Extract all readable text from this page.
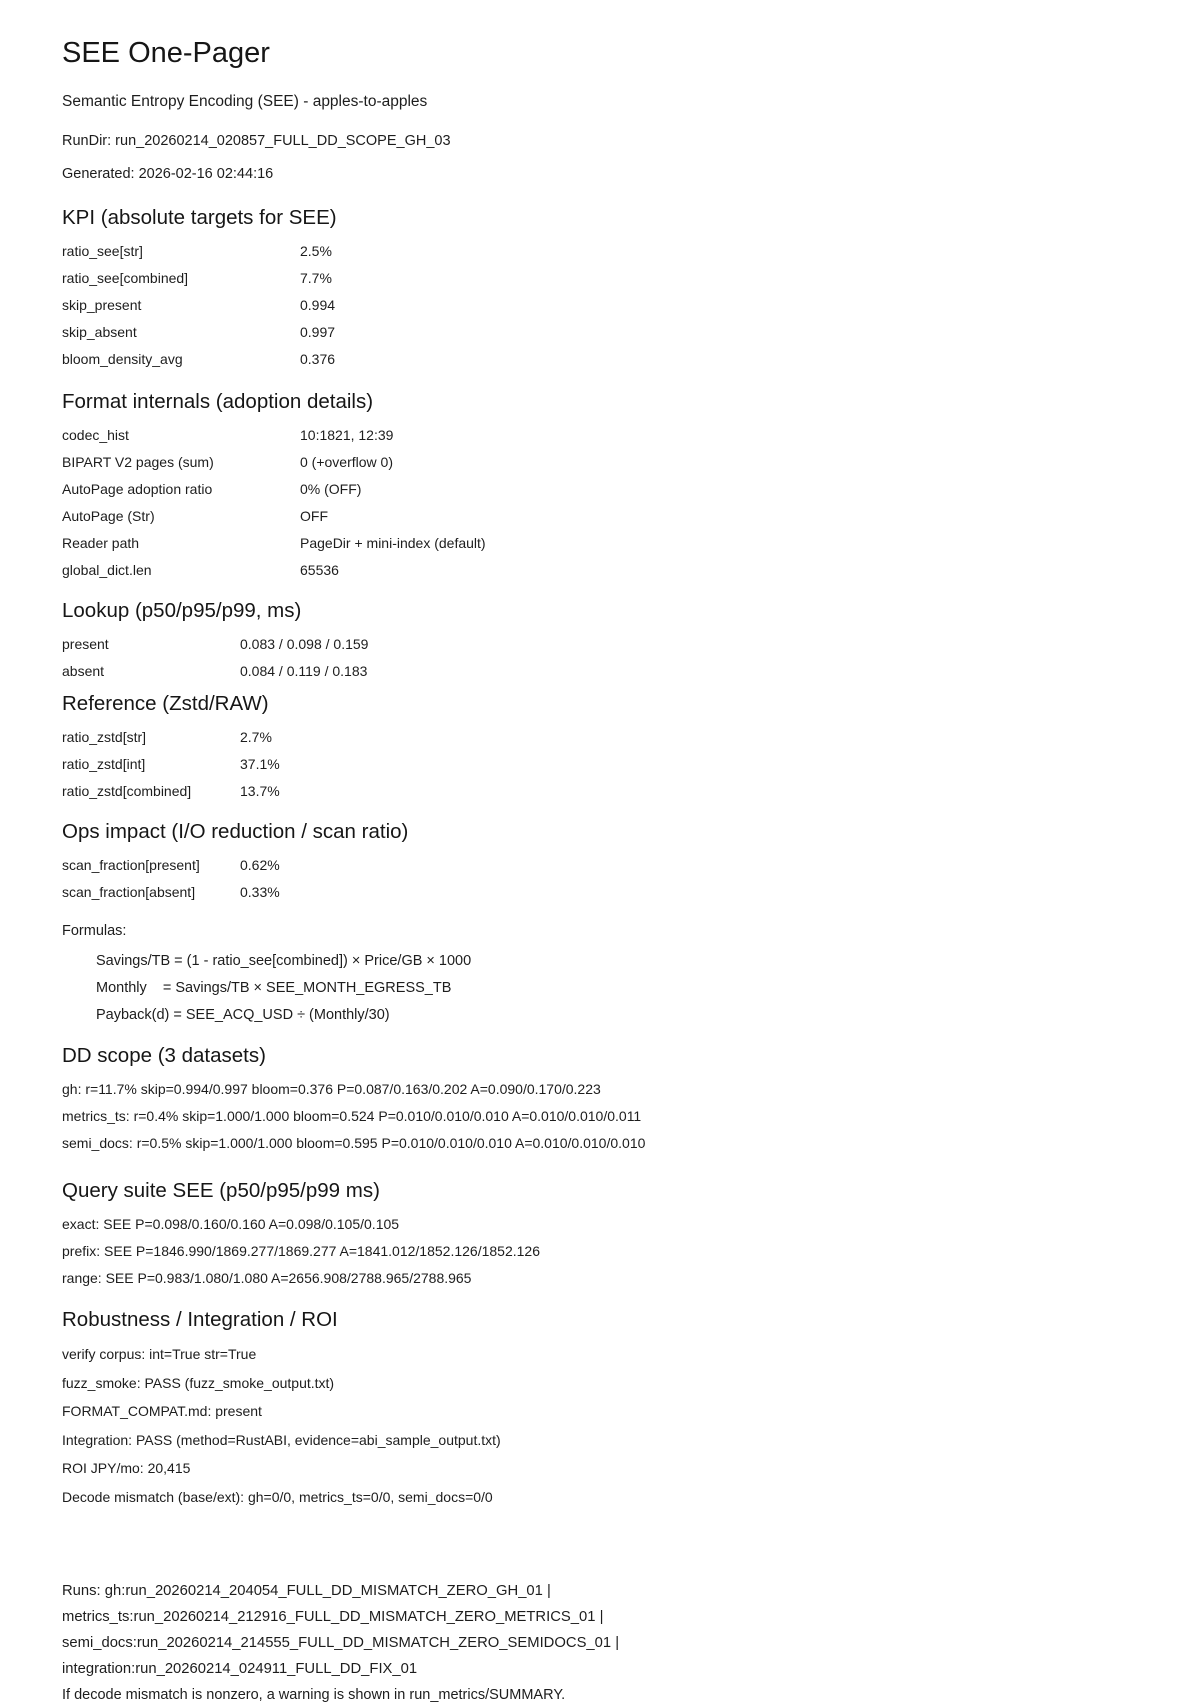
SEE One-Pager
Semantic Entropy Encoding (SEE) - apples-to-apples
RunDir: run_20260214_020857_FULL_DD_SCOPE_GH_03
Generated: 2026-02-16 02:44:16
KPI (absolute targets for SEE)
ratio_see[str]	2.5%
ratio_see[combined]	7.7%
skip_present	0.994
skip_absent	0.997
bloom_density_avg	0.376
Format internals (adoption details)
codec_hist	10:1821, 12:39
BIPART V2 pages (sum)	0 (+overflow 0)
AutoPage adoption ratio	0% (OFF)
AutoPage (Str)	OFF
Reader path	PageDir + mini-index (default)
global_dict.len	65536
Lookup (p50/p95/p99, ms)
present	0.083 / 0.098 / 0.159
absent	0.084 / 0.119 / 0.183
Reference (Zstd/RAW)
ratio_zstd[str]	2.7%
ratio_zstd[int]	37.1%
ratio_zstd[combined]	13.7%
Ops impact (I/O reduction / scan ratio)
scan_fraction[present]	0.62%
scan_fraction[absent]	0.33%
Formulas:
Savings/TB = (1 - ratio_see[combined]) × Price/GB × 1000
Monthly    = Savings/TB × SEE_MONTH_EGRESS_TB
Payback(d) = SEE_ACQ_USD ÷ (Monthly/30)
DD scope (3 datasets)
gh: r=11.7% skip=0.994/0.997 bloom=0.376 P=0.087/0.163/0.202 A=0.090/0.170/0.223
metrics_ts: r=0.4% skip=1.000/1.000 bloom=0.524 P=0.010/0.010/0.010 A=0.010/0.010/0.011
semi_docs: r=0.5% skip=1.000/1.000 bloom=0.595 P=0.010/0.010/0.010 A=0.010/0.010/0.010
Query suite SEE (p50/p95/p99 ms)
exact: SEE P=0.098/0.160/0.160 A=0.098/0.105/0.105
prefix: SEE P=1846.990/1869.277/1869.277 A=1841.012/1852.126/1852.126
range: SEE P=0.983/1.080/1.080 A=2656.908/2788.965/2788.965
Robustness / Integration / ROI
verify corpus: int=True str=True
fuzz_smoke: PASS (fuzz_smoke_output.txt)
FORMAT_COMPAT.md: present
Integration: PASS (method=RustABI, evidence=abi_sample_output.txt)
ROI JPY/mo: 20,415
Decode mismatch (base/ext): gh=0/0, metrics_ts=0/0, semi_docs=0/0
Runs: gh:run_20260214_204054_FULL_DD_MISMATCH_ZERO_GH_01 |
metrics_ts:run_20260214_212916_FULL_DD_MISMATCH_ZERO_METRICS_01 |
semi_docs:run_20260214_214555_FULL_DD_MISMATCH_ZERO_SEMIDOCS_01 |
integration:run_20260214_024911_FULL_DD_FIX_01
If decode mismatch is nonzero, a warning is shown in run_metrics/SUMMARY.
